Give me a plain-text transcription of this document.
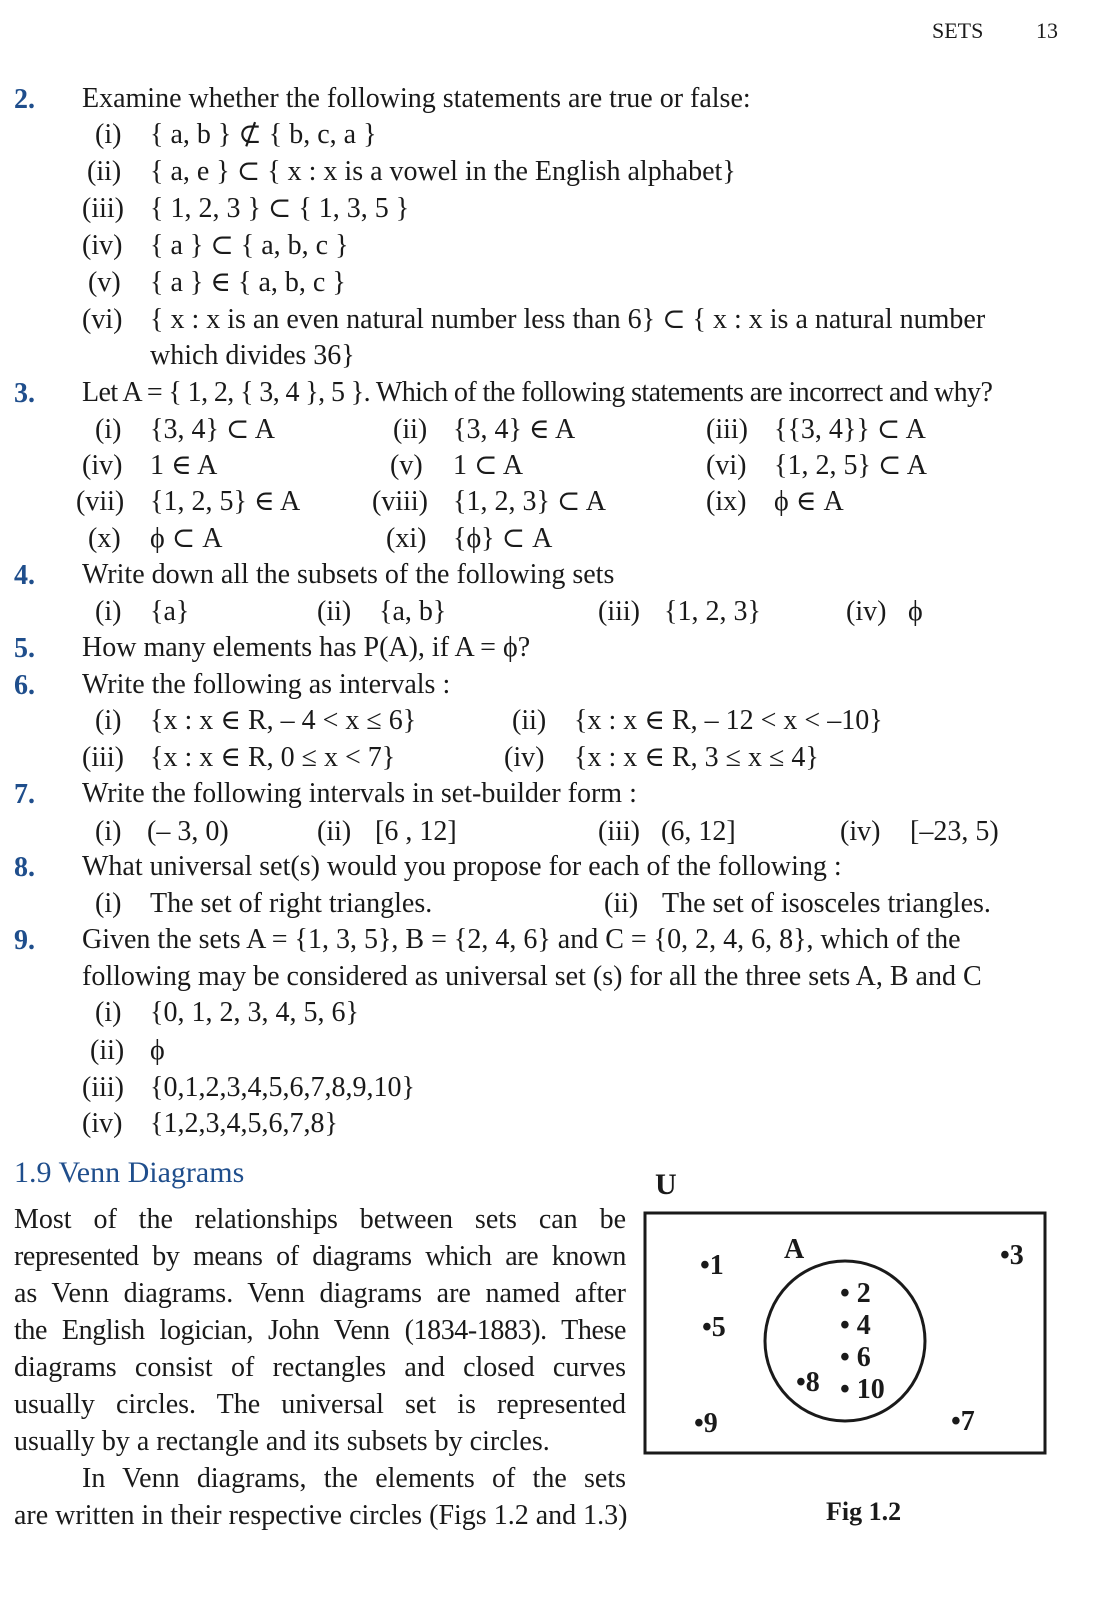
SETS 13
2. Examine whether the following statements are true or false:
(i) { a, b } ⊄ { b, c, a }
(ii) { a, e } ⊂ { x : x is a vowel in the English alphabet}
(iii) { 1, 2, 3 } ⊂ { 1, 3, 5 }
(iv) { a } ⊂ { a, b, c }
(v) { a } ∈ { a, b, c }
(vi) { x : x is an even natural number less than 6} ⊂ { x : x is a natural number
which divides 36}
3. Let A = { 1, 2, { 3, 4 }, 5 }. Which of the following statements are incorrect and why?
(i) {3, 4} ⊂ A	(ii) {3, 4} ∈ A	(iii) {{3, 4}} ⊂ A
(iv) 1 ∈ A	(v) 1 ⊂ A	(vi) {1, 2, 5} ⊂ A
(vii) {1, 2, 5} ∈ A	(viii) {1, 2, 3} ⊂ A	(ix) ϕ ∈ A
(x) ϕ ⊂ A	(xi) {ϕ} ⊂ A
4. Write down all the subsets of the following sets
(i) {a}	(ii) {a, b}	(iii) {1, 2, 3}	(iv) ϕ
5. How many elements has P(A), if A = ϕ?
6. Write the following as intervals :
(i) {x : x ∈ R, – 4 < x ≤ 6}	(ii) {x : x ∈ R, – 12 < x < –10}
(iii) {x : x ∈ R, 0 ≤ x < 7}	(iv) {x : x ∈ R, 3 ≤ x ≤ 4}
7. Write the following intervals in set-builder form :
(i) (– 3, 0)	(ii) [6 , 12]	(iii) (6, 12]	(iv) [–23, 5)
8. What universal set(s) would you propose for each of the following :
(i) The set of right triangles.	(ii) The set of isosceles triangles.
9. Given the sets A = {1, 3, 5}, B = {2, 4, 6} and C = {0, 2, 4, 6, 8}, which of the
following may be considered as universal set (s) for all the three sets A, B and C
(i) {0, 1, 2, 3, 4, 5, 6}
(ii) ϕ
(iii) {0,1,2,3,4,5,6,7,8,9,10}
(iv) {1,2,3,4,5,6,7,8}
1.9 Venn Diagrams
Most of the relationships between sets can be
represented by means of diagrams which are known
as Venn diagrams. Venn diagrams are named after
the English logician, John Venn (1834-1883). These
diagrams consist of rectangles and closed curves
usually circles. The universal set is represented
usually by a rectangle and its subsets by circles.
In Venn diagrams, the elements of the sets
are written in their respective circles (Figs 1.2 and 1.3)
U
A
•1	•3
•5
•9	•7
• 2
• 4
• 6
•8 • 10
Fig 1.2
